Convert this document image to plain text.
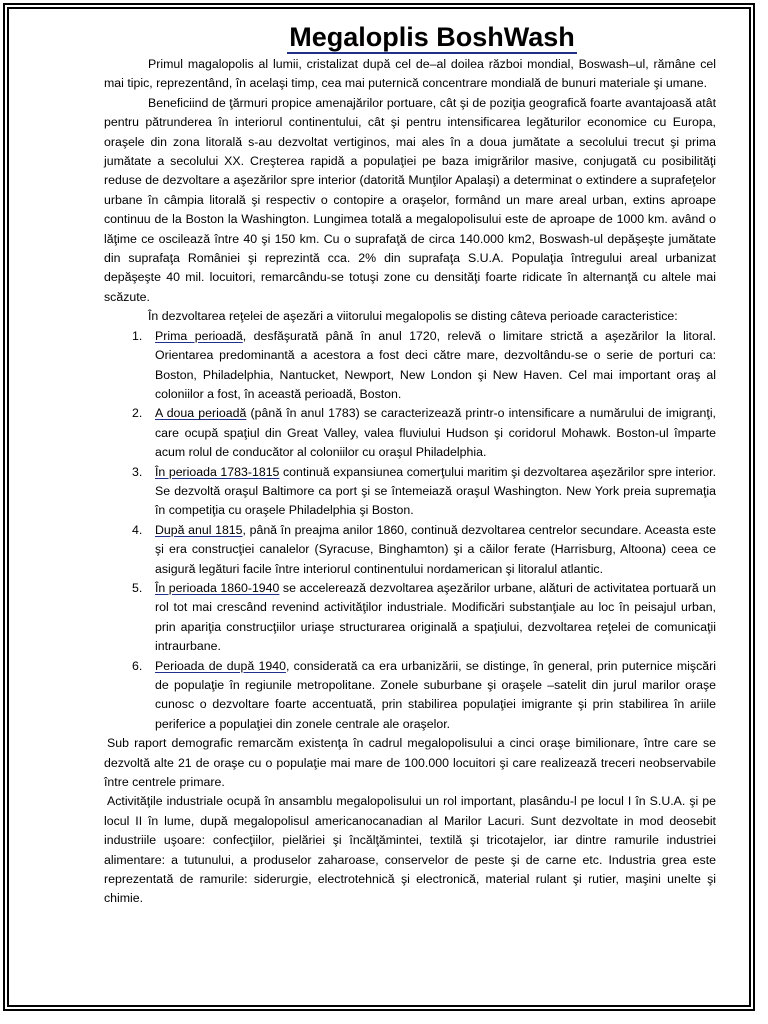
Megaloplis BoshWash

Primul magalopolis al lumii, cristalizat după cel de–al doilea război mondial, Boswash–ul, rămâne cel mai tipic, reprezentând, în acelaşi timp, cea mai puternică concentrare mondială de bunuri materiale şi umane.

Beneficiind de ţărmuri propice amenajărilor portuare, cât şi de poziţia geografică foarte avantajoasă atât pentru pătrunderea în interiorul continentului, cât şi pentru intensificarea legăturilor economice cu Europa, oraşele din zona litorală s-au dezvoltat vertiginos, mai ales în a doua jumătate a secolului trecut şi prima jumătate a secolului XX. Creşterea rapidă a populaţiei pe baza imigrărilor masive, conjugată cu posibilităţi reduse de dezvoltare a aşezărilor spre interior (datorită Munţilor Apalaşi) a determinat o extindere a suprafeţelor urbane în câmpia litorală şi respectiv o contopire a oraşelor, formând un mare areal urban, extins aproape continuu de la Boston la Washington. Lungimea totală a megalopolisului este de aproape de 1000 km. având o lăţime ce oscilează între 40 şi 150 km. Cu o suprafaţă de circa 140.000 km2, Boswash-ul depăşeşte jumătate din suprafaţa României şi reprezintă cca. 2% din suprafaţa S.U.A. Populaţia întregului areal urbanizat depăşeşte 40 mil. locuitori, remarcându-se totuşi zone cu densităţi foarte ridicate în alternanţă cu altele mai scăzute.

În dezvoltarea reţelei de aşezări a viitorului megalopolis se disting câteva perioade caracteristice:

1. Prima perioadă, desfăşurată până în anul 1720, relevă o limitare strictă a aşezărilor la litoral. Orientarea predominantă a acestora a fost deci către mare, dezvoltându-se o serie de porturi ca: Boston, Philadelphia, Nantucket, Newport, New London şi New Haven. Cel mai important oraş al coloniilor a fost, în această perioadă, Boston.
2. A doua perioadă (până în anul 1783) se caracterizează printr-o intensificare a numărului de imigranţi, care ocupă spaţiul din Great Valley, valea fluviului Hudson şi coridorul Mohawk. Boston-ul împarte acum rolul de conducător al coloniilor cu oraşul Philadelphia.
3. În perioada 1783-1815 continuă expansiunea comerţului maritim şi dezvoltarea aşezărilor spre interior. Se dezvoltă oraşul Baltimore ca port şi se întemeiază oraşul Washington. New York preia supremaţia în competiţia cu oraşele Philadelphia şi Boston.
4. După anul 1815, până în preajma anilor 1860, continuă dezvoltarea centrelor secundare. Aceasta este şi era construcţiei canalelor (Syracuse, Binghamton) şi a căilor ferate (Harrisburg, Altoona) ceea ce asigură legături facile între interiorul continentului nordamerican şi litoralul atlantic.
5. În perioada 1860-1940 se accelerează dezvoltarea aşezărilor urbane, alături de activitatea portuară un rol tot mai crescând revenind activităţilor industriale. Modificări substanţiale au loc în peisajul urban, prin apariţia construcţiilor uriaşe structurarea originală a spaţiului, dezvoltarea reţelei de comunicaţii intraurbane.
6. Perioada de după 1940, considerată ca era urbanizării, se distinge, în general, prin puternice mişcări de populaţie în regiunile metropolitane. Zonele suburbane şi oraşele –satelit din jurul marilor oraşe cunosc o dezvoltare foarte accentuată, prin stabilirea populaţiei imigrante şi prin stabilirea în ariile periferice a populaţiei din zonele centrale ale oraşelor.

Sub raport demografic remarcăm existenţa în cadrul megalopolisului a cinci oraşe bimilionare, între care se dezvoltă alte 21 de oraşe cu o populaţie mai mare de 100.000 locuitori şi care realizează treceri neobservabile între centrele primare.

Activităţile industriale ocupă în ansamblu megalopolisului un rol important, plasându-l pe locul I în S.U.A. şi pe locul II în lume, după megalopolisul americanocanadian al Marilor Lacuri. Sunt dezvoltate in mod deosebit industriile uşoare: confecţiilor, pielăriei şi încălţămintei, textilă şi tricotajelor, iar dintre ramurile industriei alimentare: a tutunului, a produselor zaharoase, conservelor de peste şi de carne etc. Industria grea este reprezentată de ramurile: siderurgie, electrotehnică şi electronică, material rulant şi rutier, maşini unelte şi chimie.
